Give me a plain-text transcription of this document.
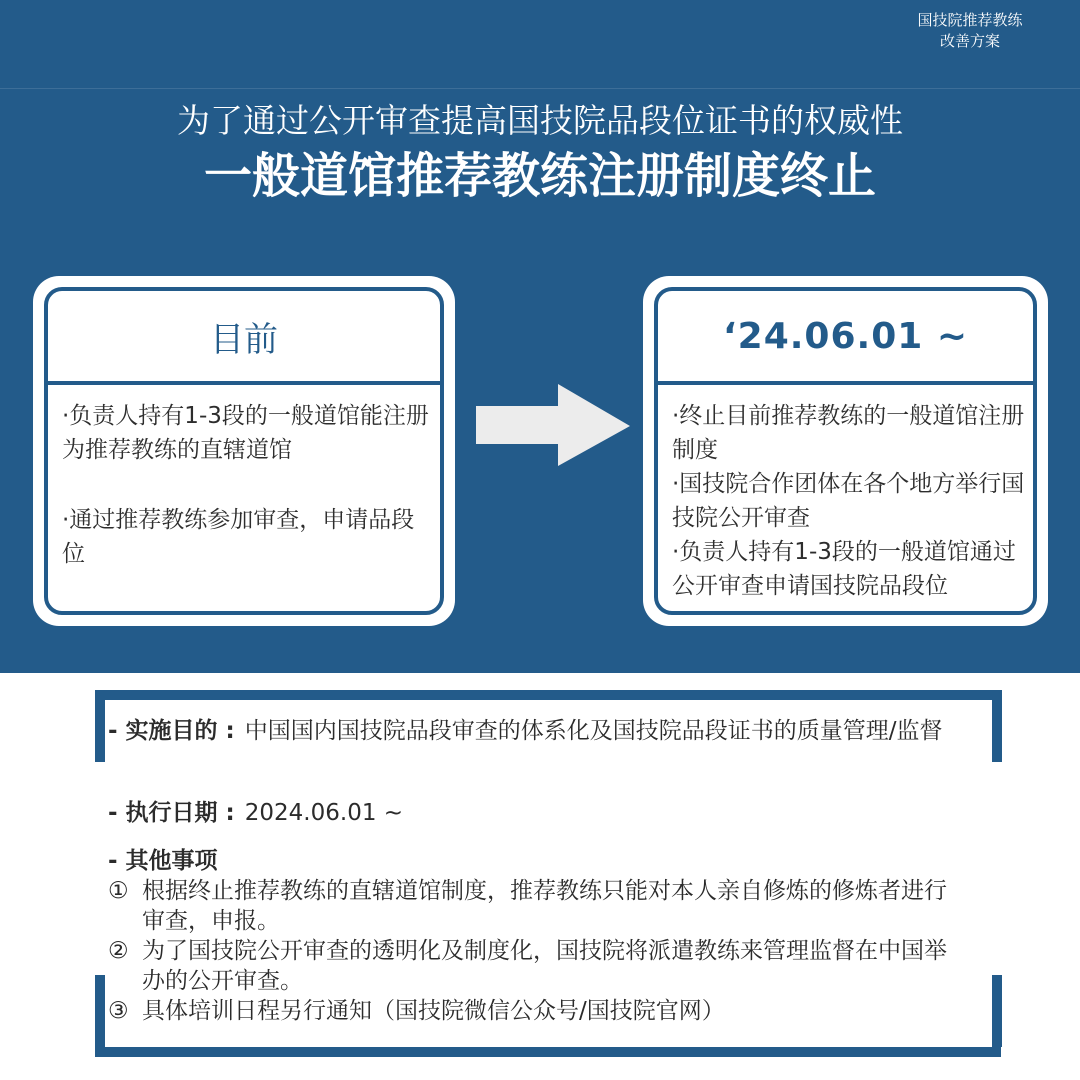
国技院推荐教练
改善方案
为了通过公开审查提高国技院品段位证书的权威性
一般道馆推荐教练注册制度终止
目前

·负责人持有1-3段的一般道馆能注册为推荐教练的直辖道馆

·通过推荐教练参加审查，申请品段位

‘24.06.01 ~

·终止目前推荐教练的一般道馆注册制度

·国技院合作团体在各个地方举行国技院公开审查

·负责人持有1-3段的一般道馆通过公开审查申请国技院品段位

- 实施目的 : 中国国内国技院品段审查的体系化及国技院品段证书的质量管理/监督
- 执行日期 : 2024.06.01 ~
- 其他事项
① 根据终止推荐教练的直辖道馆制度，推荐教练只能对本人亲自修炼的修炼者进行审查，申报。
② 为了国技院公开审查的透明化及制度化，国技院将派遣教练来管理监督在中国举办的公开审查。
③ 具体培训日程另行通知（国技院微信公众号/国技院官网）
